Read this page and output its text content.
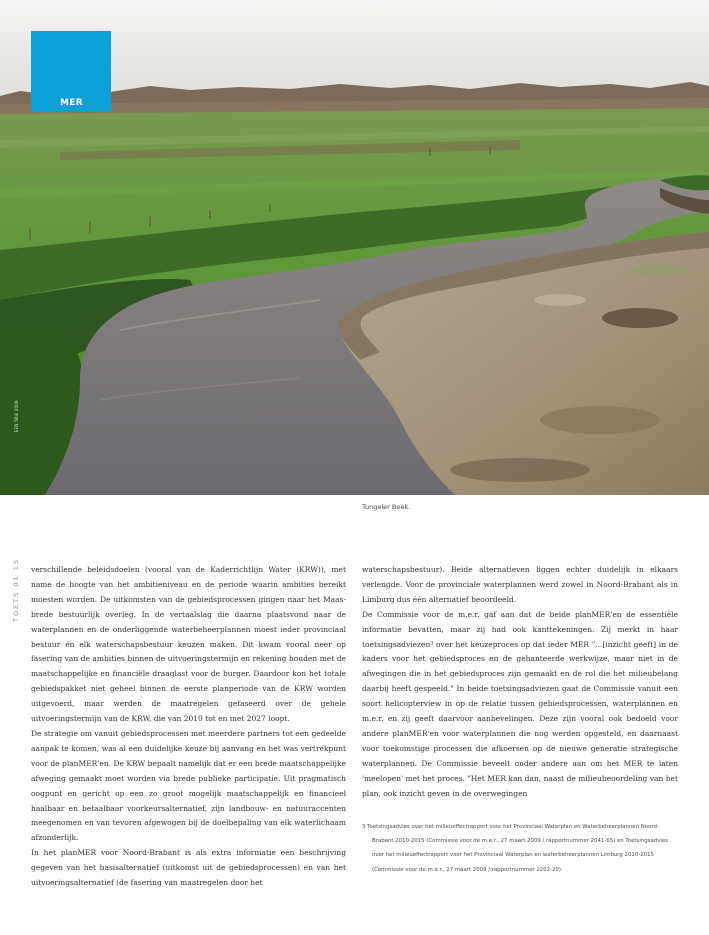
MER
EFN 'Blik 2009
Tungeler Beek.
TOETS 01 15 verschillende beleidsdoelen (vooral van de Kaderrichtlijn Water (KRW)), met name de hoogte van het ambitieniveau en de periode waarin ambities bereikt moesten worden. De uitkomsten van de gebiedsprocessen gingen naar het Maas-brede bestuurlijk overleg. In de vertaalslag die daarna plaatsvond naar de waterplannen en de onderliggende waterbeheerplannen moest ieder provinciaal bestuur én elk waterschapsbestuur keuzen maken. Dit kwam vooral neer op fasering van de ambities binnen de uitvoeringstermijn en rekening houden met de maatschappelijke en financiële draaglast voor de burger. Daardoor kon het totale gebiedspakket niet geheel binnen de eerste planperiode van de KRW worden uitgevoerd, maar werden de maatregelen gefaseerd over de gehele uitvoeringstermijn van de KRW, die van 2010 tot en met 2027 loopt.

De strategie om vanuit gebiedsprocessen met meerdere partners tot een gedeelde aanpak te komen, was al een duidelijke keuze bij aanvang en het was vertrekpunt voor de planMER'en. De KRW bepaalt namelijk dat er een brede maatschappelijke afweging gemaakt moet worden via brede publieke participatie. Uit pragmatisch oogpunt en gericht op een zo groot mogelijk maatschappelijk en financieel haalbaar en betaalbaar voorkeursalternatief, zijn landbouw- en natuuraccenten meegenomen en van tevoren afgewogen bij de doelbepaling van elk waterlichaam afzonderlijk.

In het planMER voor Noord-Brabant is als extra informatie een beschrijving gegeven van het basisalternatief (uitkomst uit de gebiedsprocessen) en van het uitvoeringsalternatief (de fasering van maatregelen door het

waterschapsbestuur). Beide alternatieven liggen echter duidelijk in elkaars verlengde. Voor de provinciale waterplannen werd zowel in Noord-Brabant als in Limburg dus één alternatief beoordeeld.

De Commissie voor de m.e.r. gaf aan dat de beide planMER'en de essentiële informatie bevatten, maar zij had ook kanttekeningen. Zij merkt in haar toetsingsadviezen³ over het keuzeproces op dat ieder MER "...[inzicht geeft] in de kaders voor het gebiedsproces en de gehanteerde werkwijze, maar niet in de afwegingen die in het gebiedsproces zijn gemaakt en de rol die het milieubelang daarbij heeft gespeeld." In beide toetsingsadviezen gaat de Commissie vanuit een soort helicopterview in op de relatie tussen gebiedsprocessen, waterplannen en m.e.r. en zij geeft daarvoor aanbevelingen. Deze zijn vooral ook bedoeld voor andere planMER'en voor waterplannen die nog werden opgesteld, en daarnaast voor toekomstige processen die afkoersen op de nieuwe generatie strategische waterplannen. De Commissie beveelt onder andere aan om het MER te laten 'meelopen' met het proces. "Het MER kan dan, naast de milieubeoordeling van het plan, ook inzicht geven in de overwegingen

3 Toetsingsadvies over het milieueffectrapport voor het Provinciaal Waterplan en Waterbeheerplannen Noord-Brabant 2010-2015 (Commissie voor de m.e.r., 27 maart 2009 / rapportnummer 2041-65) en Toetsingsadvies over het milieueffectrapport voor het Provinciaal Waterplan en waterbeheerplannen Limburg 2010-2015 (Commissie voor de m.e.r., 27 maart 2009 / rapportnummer 2202-20).
